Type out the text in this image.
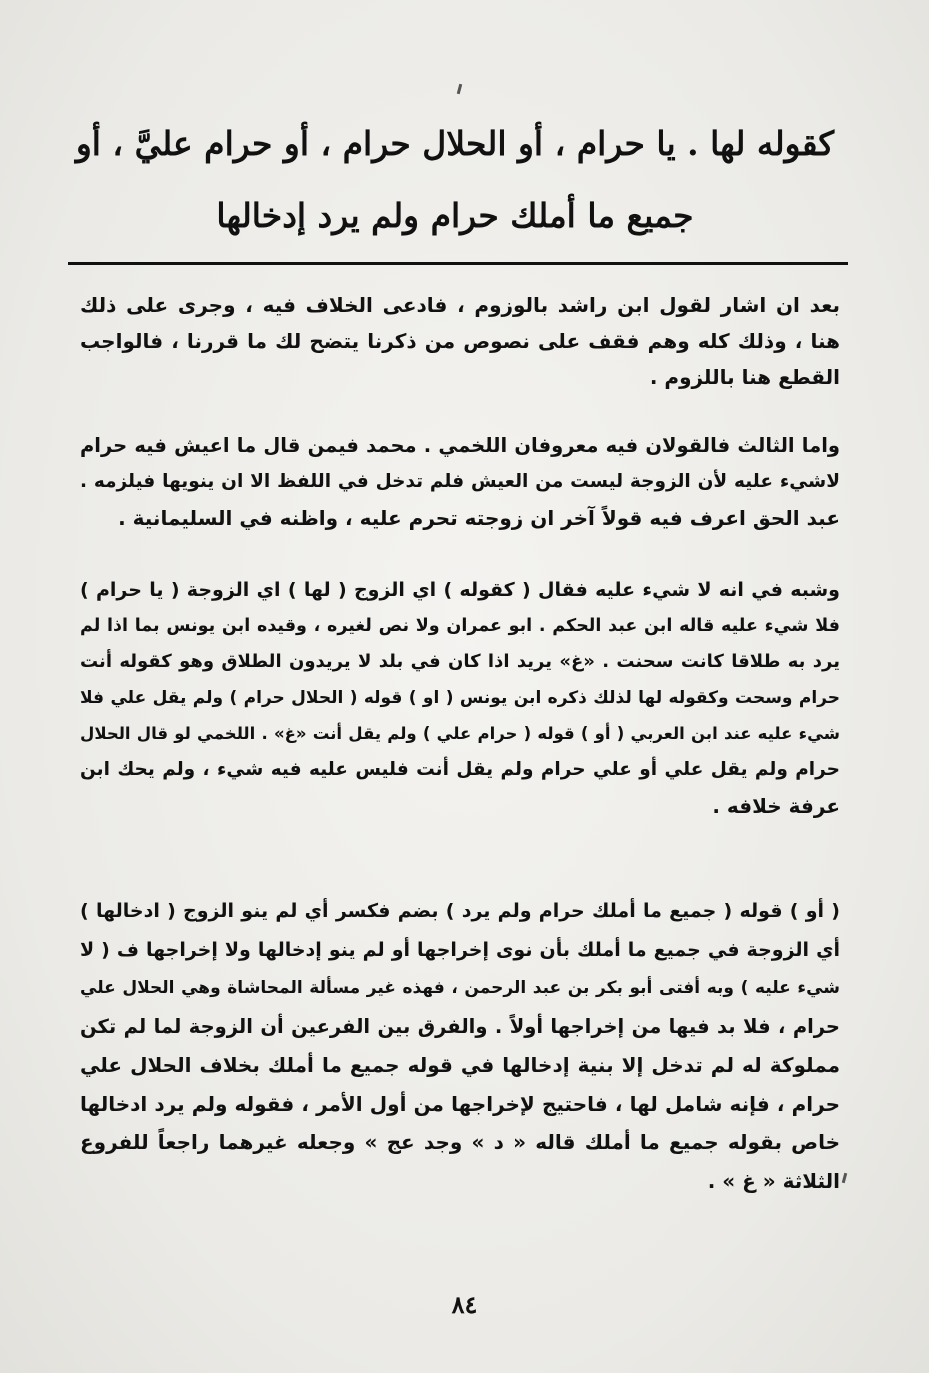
كقوله لها . يا حرام ، أو الحلال حرام ، أو حرام عليَّ ، أو
جميع ما أملك حرام ولم يرد إدخالها
بعد ان اشار لقول ابن راشد بالوزوم ، فادعى الخلاف فيه ، وجرى على ذلك
هنا ، وذلك كله وهم فقف على نصوص من ذكرنا يتضح لك ما قررنا ، فالواجب
القطع هنا باللزوم .
واما الثالث فالقولان فيه معروفان اللخمي . محمد فيمن قال ما اعيش فيه حرام
لاشيء عليه لأن الزوجة ليست من العيش فلم تدخل في اللفظ الا ان ينويها فيلزمه .
عبد الحق اعرف فيه قولاً آخر ان زوجته تحرم عليه ، واظنه في السليمانية .
وشبه في انه لا شيء عليه فقال ( كقوله ) اي الزوج ( لها ) اي الزوجة ( يا حرام )
فلا شيء عليه قاله ابن عبد الحكم . ابو عمران ولا نص لغيره ، وقيده ابن يونس بما اذا لم
يرد به طلاقا كانت سحنت . «غ» يريد اذا كان في بلد لا يريدون الطلاق وهو كقوله أنت
حرام وسحت وكقوله لها لذلك ذكره ابن يونس ( او ) قوله ( الحلال حرام ) ولم يقل علي فلا
شيء عليه عند ابن العربي ( أو ) قوله ( حرام علي ) ولم يقل أنت «غ» . اللخمي لو قال الحلال
حرام ولم يقل علي أو علي حرام ولم يقل أنت فليس عليه فيه شيء ، ولم يحك ابن
عرفة خلافه .
( أو ) قوله ( جميع ما أملك حرام ولم يرد ) بضم فكسر أي لم ينو الزوج ( ادخالها )
أي الزوجة في جميع ما أملك بأن نوى إخراجها أو لم ينو إدخالها ولا إخراجها ف ( لا
شيء عليه ) وبه أفتى أبو بكر بن عبد الرحمن ، فهذه غير مسألة المحاشاة وهي الحلال علي
حرام ، فلا بد فيها من إخراجها أولاً . والفرق بين الفرعين أن الزوجة لما لم تكن
مملوكة له لم تدخل إلا بنية إدخالها في قوله جميع ما أملك بخلاف الحلال علي
حرام ، فإنه شامل لها ، فاحتيج لإخراجها من أول الأمر ، فقوله ولم يرد ادخالها
خاص بقوله جميع ما أملك قاله « د » وجد عج » وجعله غيرهما راجعاً للفروع
الثلاثة « غ » .
٨٤
